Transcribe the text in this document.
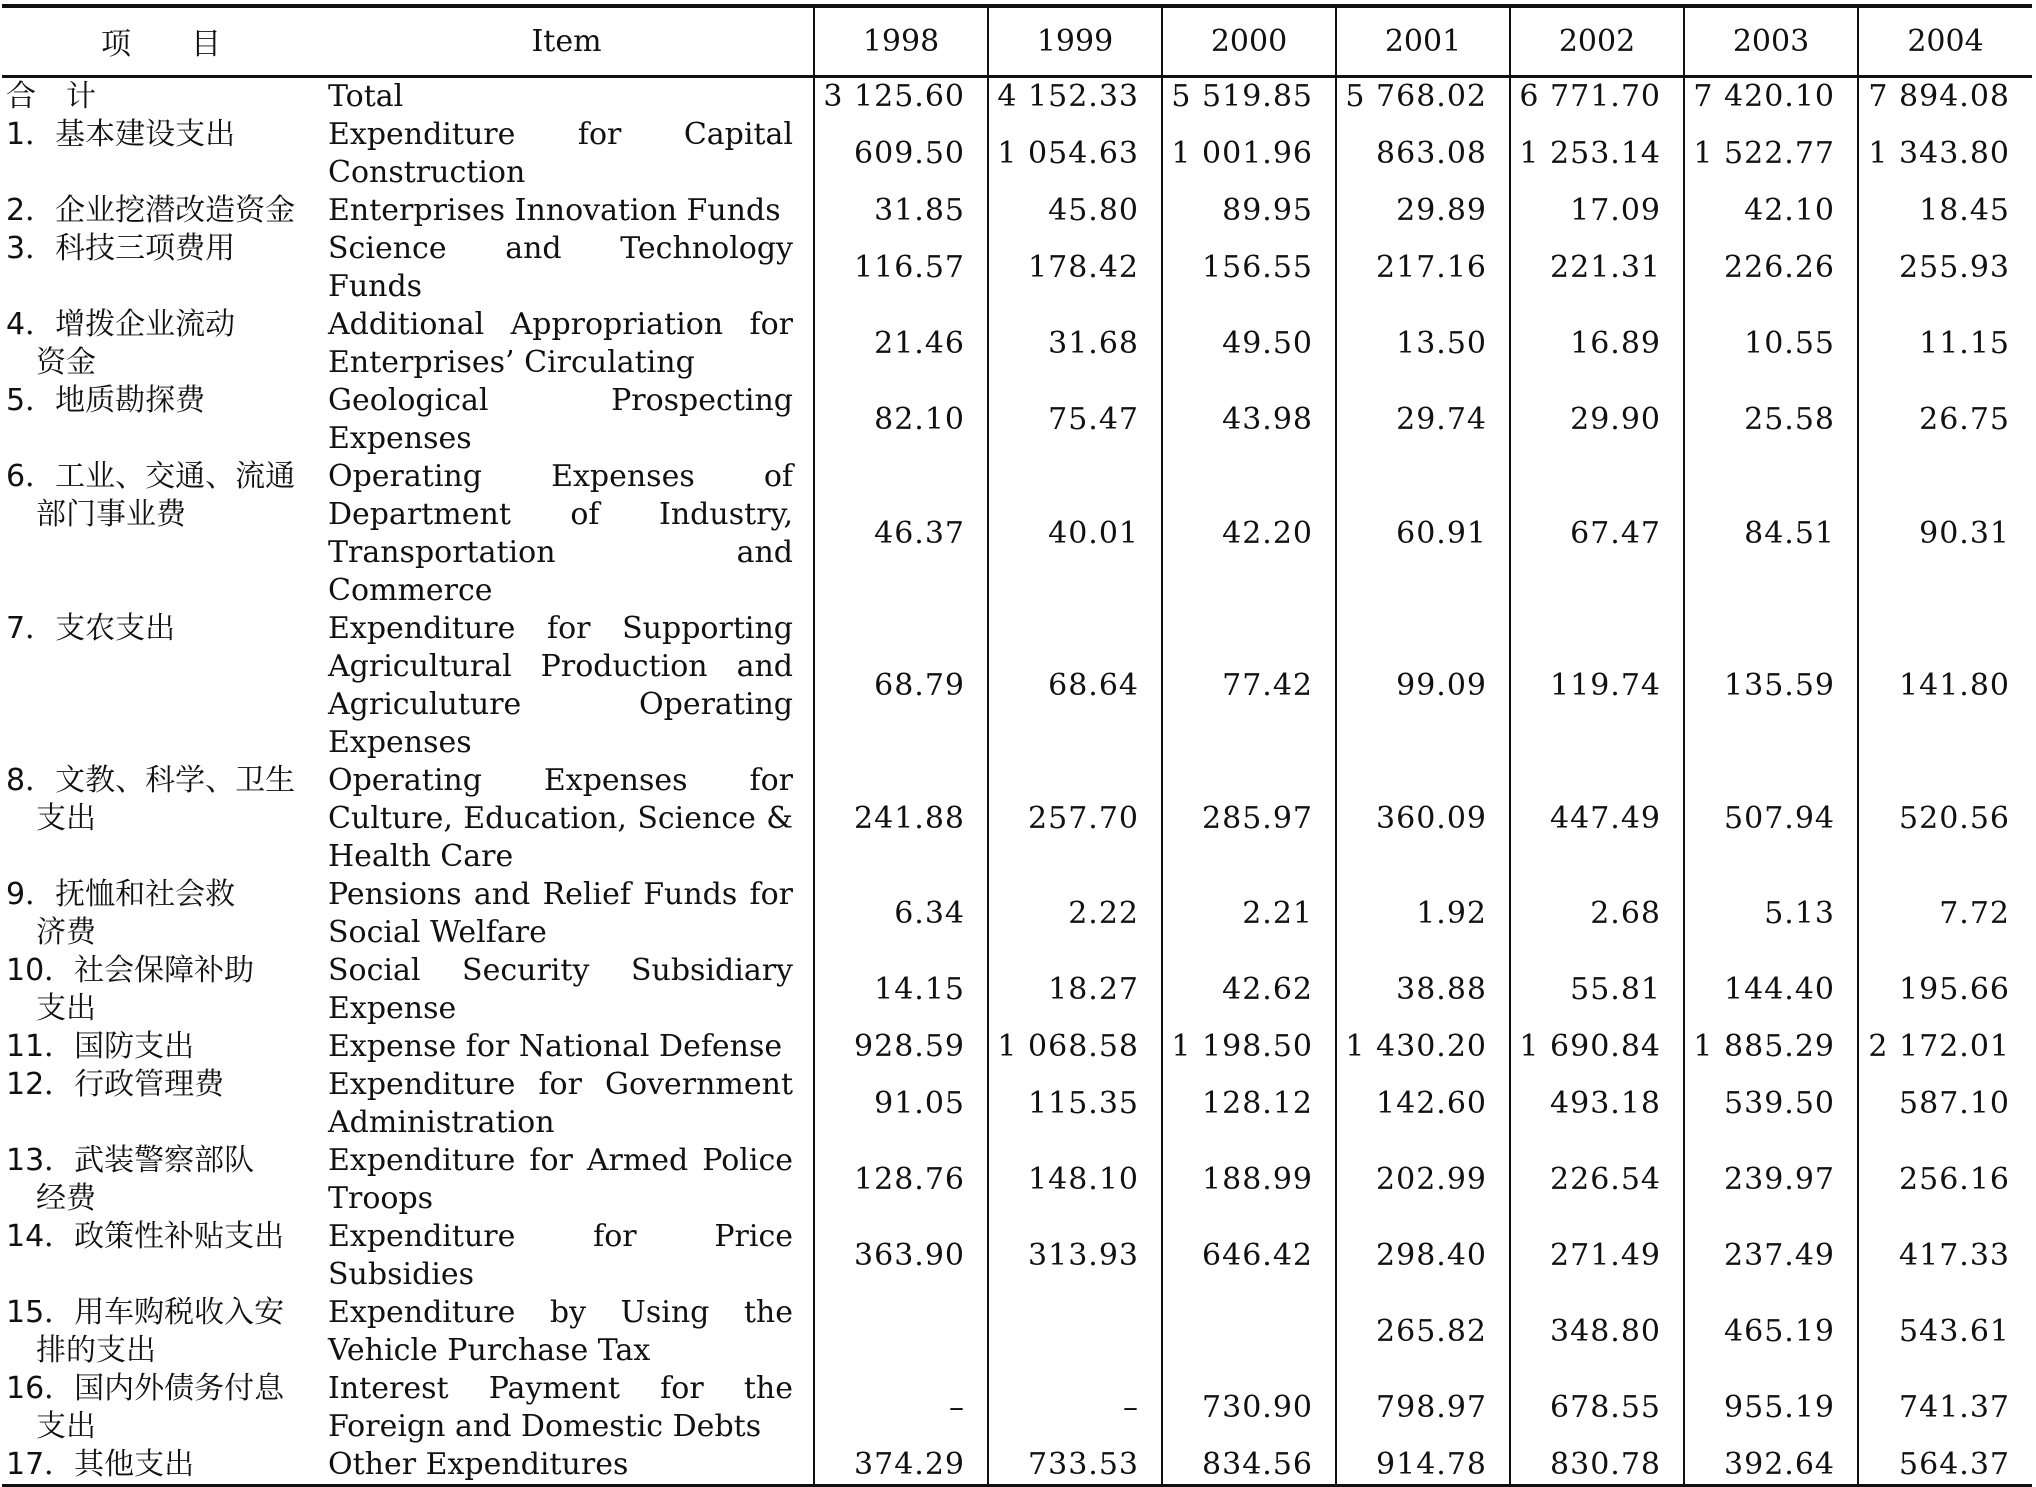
项　　目	Item	1998	1999	2000	2001	2002	2003	2004

合　计	Total	3 125.60	4 152.33	5 519.85	5 768.02	6 771.70	7 420.10	7 894.08

1．基本建设支出	Expenditure for Capital Construction	609.50	1 054.63	1 001.96	863.08	1 253.14	1 522.77	1 343.80

2．企业挖潜改造资金	Enterprises Innovation Funds	31.85	45.80	89.95	29.89	17.09	42.10	18.45

3．科技三项费用	Science and Technology Funds	116.57	178.42	156.55	217.16	221.31	226.26	255.93

4．增拨企业流动
　资金	Additional Appropriation for Enterprises’ Circulating	21.46	31.68	49.50	13.50	16.89	10.55	11.15

5．地质勘探费	Geological Prospecting Expenses	82.10	75.47	43.98	29.74	29.90	25.58	26.75

6．工业、交通、流通
　部门事业费	Operating Expenses of Department of Industry, Transportation and Commerce	46.37	40.01	42.20	60.91	67.47	84.51	90.31

7．支农支出	Expenditure for Supporting Agricultural Production and Agriculuture Operating Expenses	68.79	68.64	77.42	99.09	119.74	135.59	141.80

8．文教、科学、卫生
　支出	Operating Expenses for Culture, Education, Science & Health Care	241.88	257.70	285.97	360.09	447.49	507.94	520.56

9．抚恤和社会救
　济费	Pensions and Relief Funds for Social Welfare	6.34	2.22	2.21	1.92	2.68	5.13	7.72

10．社会保障补助
　支出	Social Security Subsidiary Expense	14.15	18.27	42.62	38.88	55.81	144.40	195.66

11．国防支出	Expense for National Defense	928.59	1 068.58	1 198.50	1 430.20	1 690.84	1 885.29	2 172.01

12．行政管理费	Expenditure for Government Administration	91.05	115.35	128.12	142.60	493.18	539.50	587.10

13．武装警察部队
　经费	Expenditure for Armed Police Troops	128.76	148.10	188.99	202.99	226.54	239.97	256.16

14．政策性补贴支出	Expenditure for Price Subsidies	363.90	313.93	646.42	298.40	271.49	237.49	417.33

15．用车购税收入安
　排的支出	Expenditure by Using the Vehicle Purchase Tax				265.82	348.80	465.19	543.61

16．国内外债务付息
　支出	Interest Payment for the Foreign and Domestic Debts	–	–	730.90	798.97	678.55	955.19	741.37

17．其他支出	Other Expenditures	374.29	733.53	834.56	914.78	830.78	392.64	564.37
